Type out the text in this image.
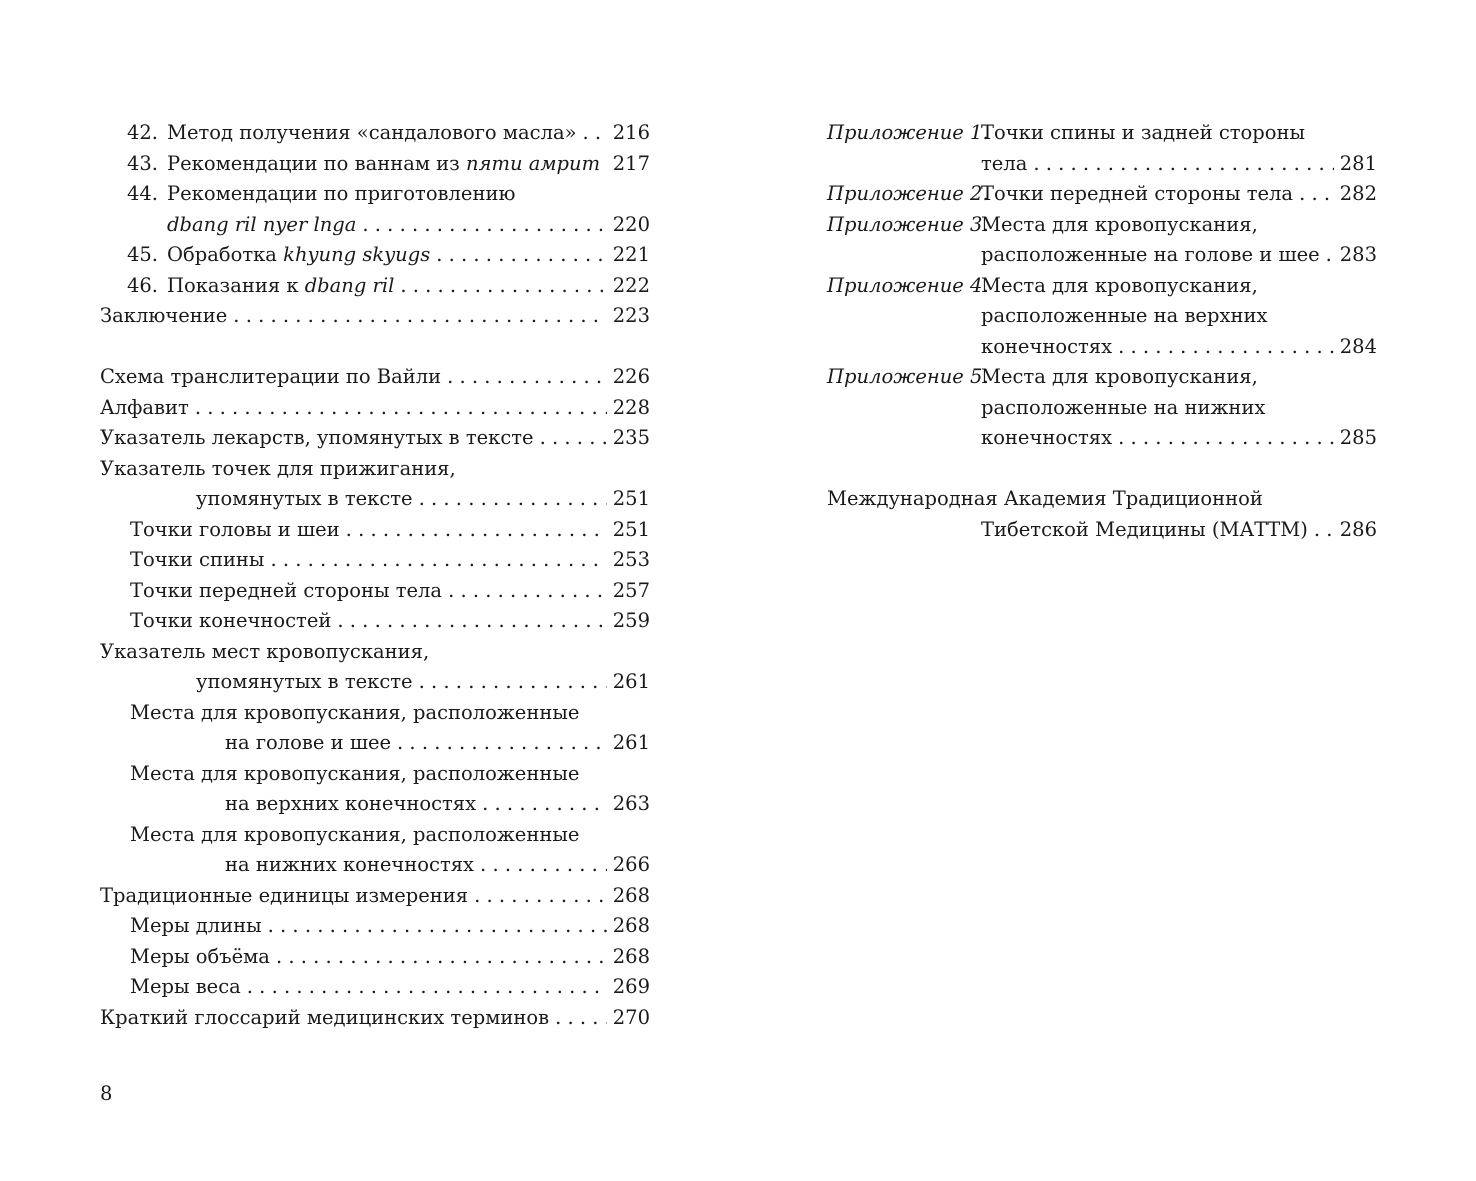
42. Метод получения «сандалового масла» . . . 216
43. Рекомендации по ваннам из пяти амрит . . . 217
44. Рекомендации по приготовлению
dbang ril nyer lnga . . .	220
45. Обработка khyung skyugs . . .	221
46. Показания к dbang ril . . .	222
Заключение . . .	223
Схема транслитерации по Вайли . . .	226
Алфавит . . .	228
Указатель лекарств, упомянутых в тексте . . .	235
Указатель точек для прижигания,
упомянутых в тексте . . .	251
Точки головы и шеи . . .	251
Точки спины . . .	253
Точки передней стороны тела . . .	257
Точки конечностей . . .	259
Указатель мест кровопускания,
упомянутых в тексте . . .	261
Места для кровопускания, расположенные
на голове и шее . . .	261
Места для кровопускания, расположенные
на верхних конечностях . . .	263
Места для кровопускания, расположенные
на нижних конечностях . . .	266
Традиционные единицы измерения . . .	268
Меры длины . . .	268
Меры объёма . . .	268
Меры веса . . .	269
Краткий глоссарий медицинских терминов . . .	270
Приложение 1.
Точки спины и задней стороны
тела . . .	281
Приложение 2.
Точки передней стороны тела . . . 282
Приложение 3.
Места для кровопускания,
расположенные на голове и шее . . . 283
Приложение 4.
Места для кровопускания,
расположенные на верхних
конечностях . . .	284
Приложение 5.
Места для кровопускания,
расположенные на нижних
конечностях . . .	285
Международная Академия Традиционной
Тибетской Медицины (МАТТМ) . . . 286
8
